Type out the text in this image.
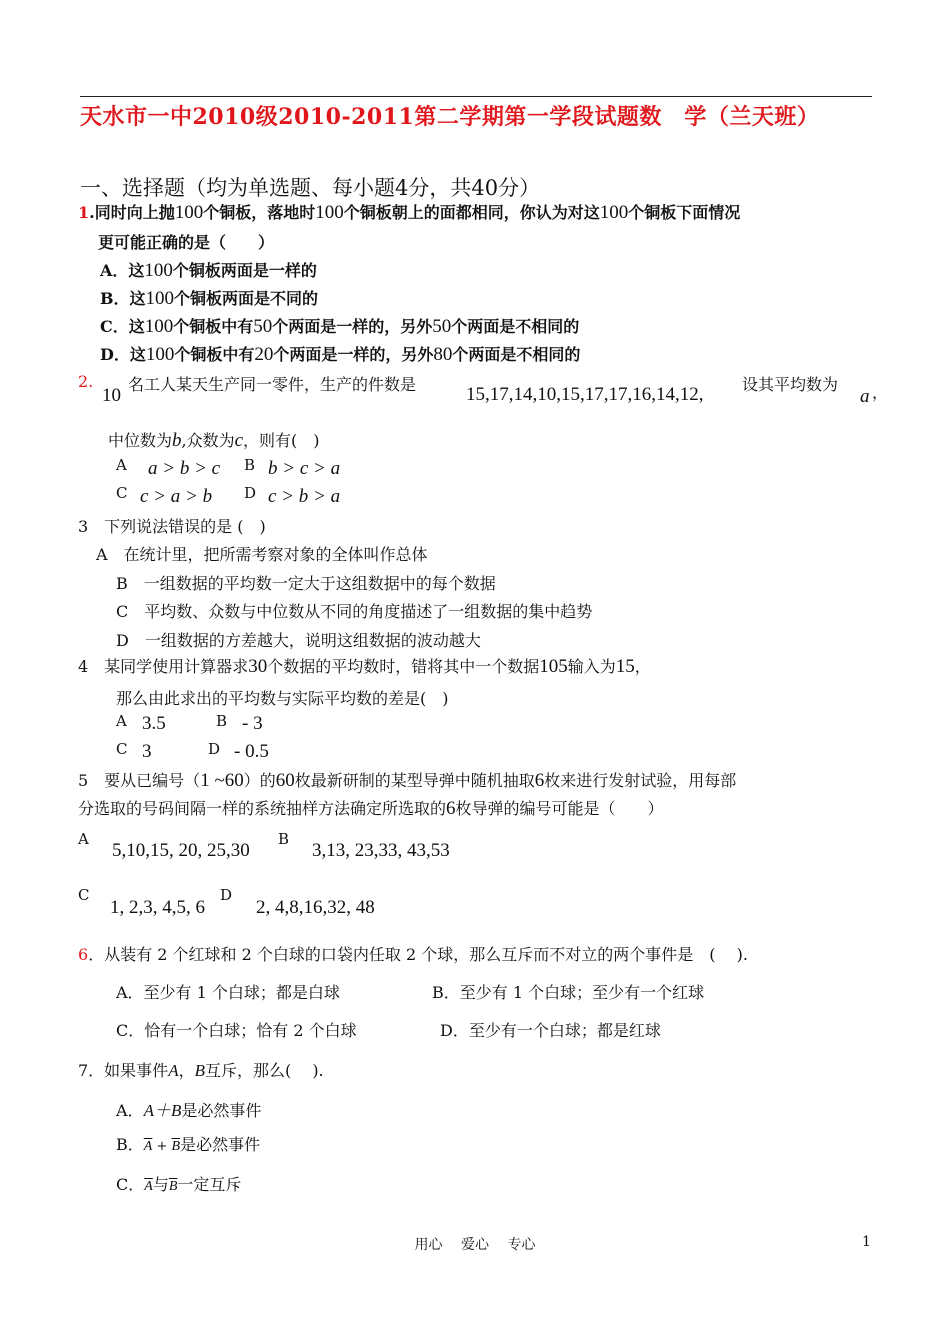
天水市一中2010级2010-2011第二学期第一学段试题数　学（兰天班）
一、选择题（均为单选题、每小题4分，共40分）
1.同时向上抛100个铜板，落地时100个铜板朝上的面都相同，你认为对这100个铜板下面情况
更可能正确的是（　　）
A．这100个铜板两面是一样的
B．这100个铜板两面是不同的
C．这100个铜板中有50个两面是一样的，另外50个两面是不相同的
D．这100个铜板中有20个两面是一样的，另外80个两面是不相同的
2.
10
名工人某天生产同一零件，生产的件数是	15,17,14,10,15,17,17,16,14,12, 设其平均数为
a ，
中位数为b,众数为c，则有(　)
A a > b > c B b > c > a
C c > a > b D c > b > a
3　下列说法错误的是 (　)
A　在统计里，把所需考察对象的全体叫作总体
B　一组数据的平均数一定大于这组数据中的每个数据
C　平均数、众数与中位数从不同的角度描述了一组数据的集中趋势
D　一组数据的方差越大，说明这组数据的波动越大
4　某同学使用计算器求30个数据的平均数时，错将其中一个数据105输入为15，
那么由此求出的平均数与实际平均数的差是(　)
A 3.5	B - 3
C 3	D - 0.5
5　要从已编号（1 ~60）的60枚最新研制的某型导弹中随机抽取6枚来进行发射试验，用每部
分选取的号码间隔一样的系统抽样方法确定所选取的6枚导弹的编号可能是（　　）
A
5,10,15, 20, 25,30
B
3,13, 23,33, 43,53
C
1, 2,3, 4,5, 6
D
2, 4,8,16,32, 48
6．从装有 2 个红球和 2 个白球的口袋内任取 2 个球，那么互斥而不对立的两个事件是　(　 ).
A．至少有 1 个白球；都是白球	B．至少有 1 个白球；至少有一个红球
C．恰有一个白球；恰有 2 个白球	D．至少有一个白球；都是红球
7．如果事件A，B互斥，那么(　 ).
A．A＋B是必然事件
B．$\overline{A} + \overline{B}$是必然事件
C．$\overline{A}$与$\overline{B}$一定互斥
用心　 爱心　 专心	1
